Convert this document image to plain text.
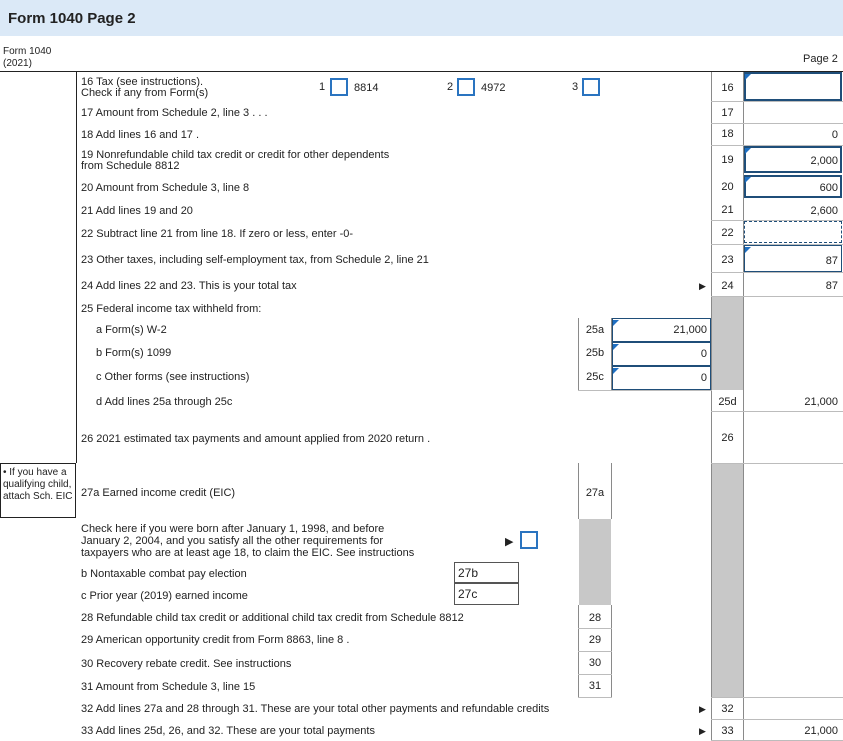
Form 1040 Page 2
Form 1040
(2021)	Page 2
• If you have a qualifying child, attach Sch. EIC
16 Tax (see instructions).
Check if any from Form(s)	1	8814	2	4972	3	16
17 Amount from Schedule 2, line 3 . . .	17
18 Add lines 16 and 17 .	18	0
19 Nonrefundable child tax credit or credit for other dependents
from Schedule 8812	19	2,000
20 Amount from Schedule 3, line 8	20	600
21 Add lines 19 and 20	21	2,600
22 Subtract line 21 from line 18. If zero or less, enter -0-	22
23 Other taxes, including self-employment tax, from Schedule 2, line 21	23	87
24 Add lines 22 and 23. This is your total tax	▶	24	87
25 Federal income tax withheld from:
a Form(s) W-2	25a	21,000
b Form(s) 1099	25b	0
c Other forms (see instructions)	25c	0
d Add lines 25a through 25c	25d	21,000
26 2021 estimated tax payments and amount applied from 2020 return .	26
27a Earned income credit (EIC)	27a
Check here if you were born after January 1, 1998, and before
January 2, 2004, and you satisfy all the other requirements for
taxpayers who are at least age 18, to claim the EIC. See instructions
▶
b Nontaxable combat pay election	27b
c Prior year (2019) earned income	27c
28 Refundable child tax credit or additional child tax credit from Schedule 8812	28
29 American opportunity credit from Form 8863, line 8 .	29
30 Recovery rebate credit. See instructions	30
31 Amount from Schedule 3, line 15	31
32 Add lines 27a and 28 through 31. These are your total other payments and refundable credits	▶	32
33 Add lines 25d, 26, and 32. These are your total payments	▶	33	21,000
